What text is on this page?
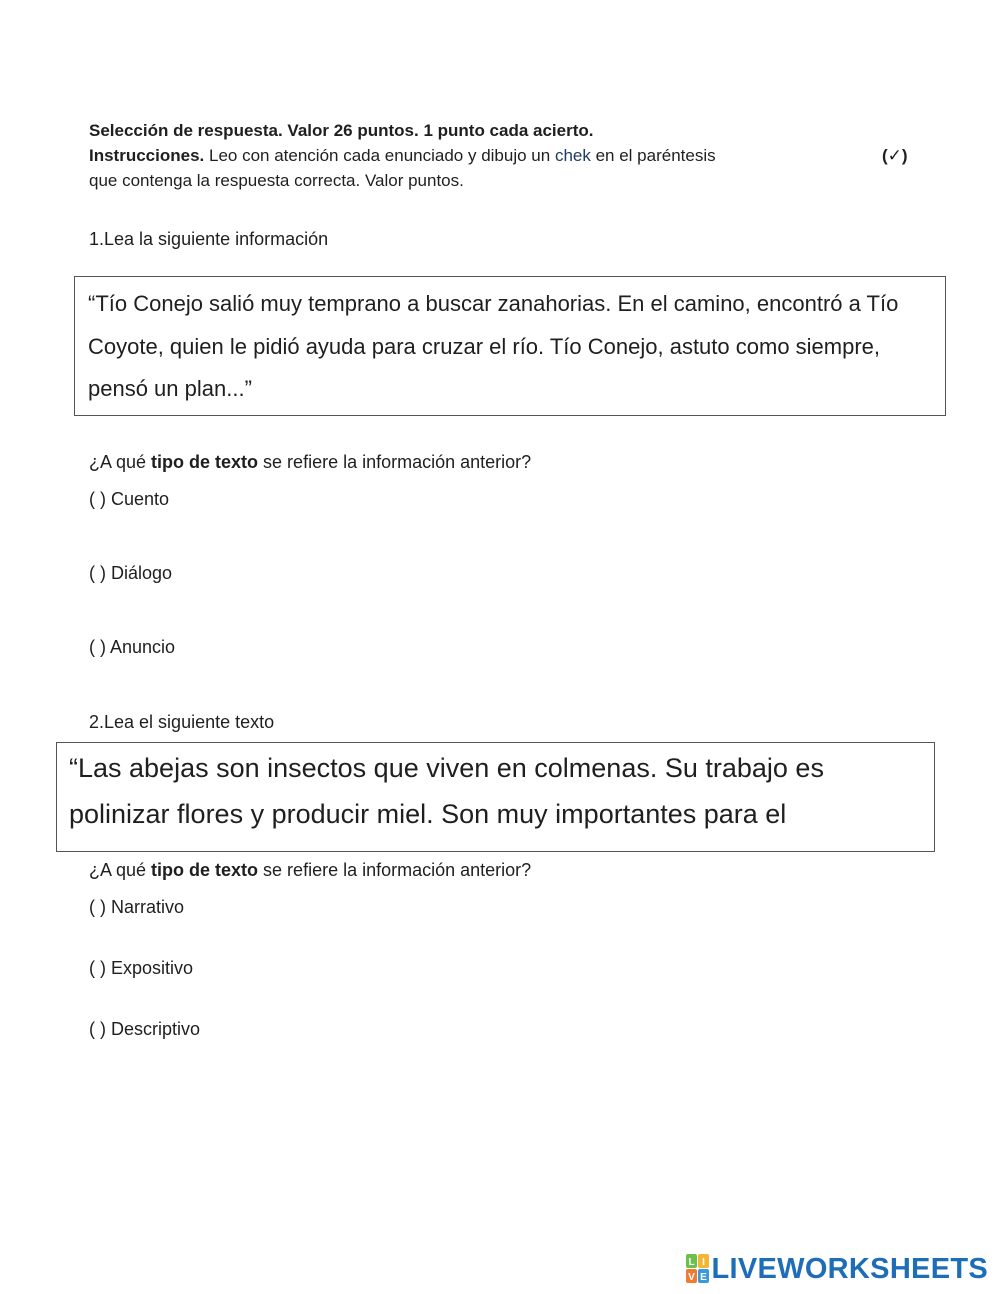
Selección de respuesta. Valor 26 puntos. 1 punto cada acierto.
Instrucciones. Leo con atención cada enunciado y dibujo un chek en el paréntesis	(✓)
que contenga la respuesta correcta. Valor puntos.
1.Lea la siguiente información
“Tío Conejo salió muy temprano a buscar zanahorias. En el camino, encontró a Tío Coyote, quien le pidió ayuda para cruzar el río. Tío Conejo, astuto como siempre, pensó un plan...”
¿A qué tipo de texto se refiere la información anterior?
( ) Cuento
( ) Diálogo
( ) Anuncio
2.Lea el siguiente texto
“Las abejas son insectos que viven en colmenas. Su trabajo es polinizar flores y producir miel. Son muy importantes para el
¿A qué tipo de texto se refiere la información anterior?
( ) Narrativo
( ) Expositivo
( ) Descriptivo
L I
V E LIVEWORKSHEETS
